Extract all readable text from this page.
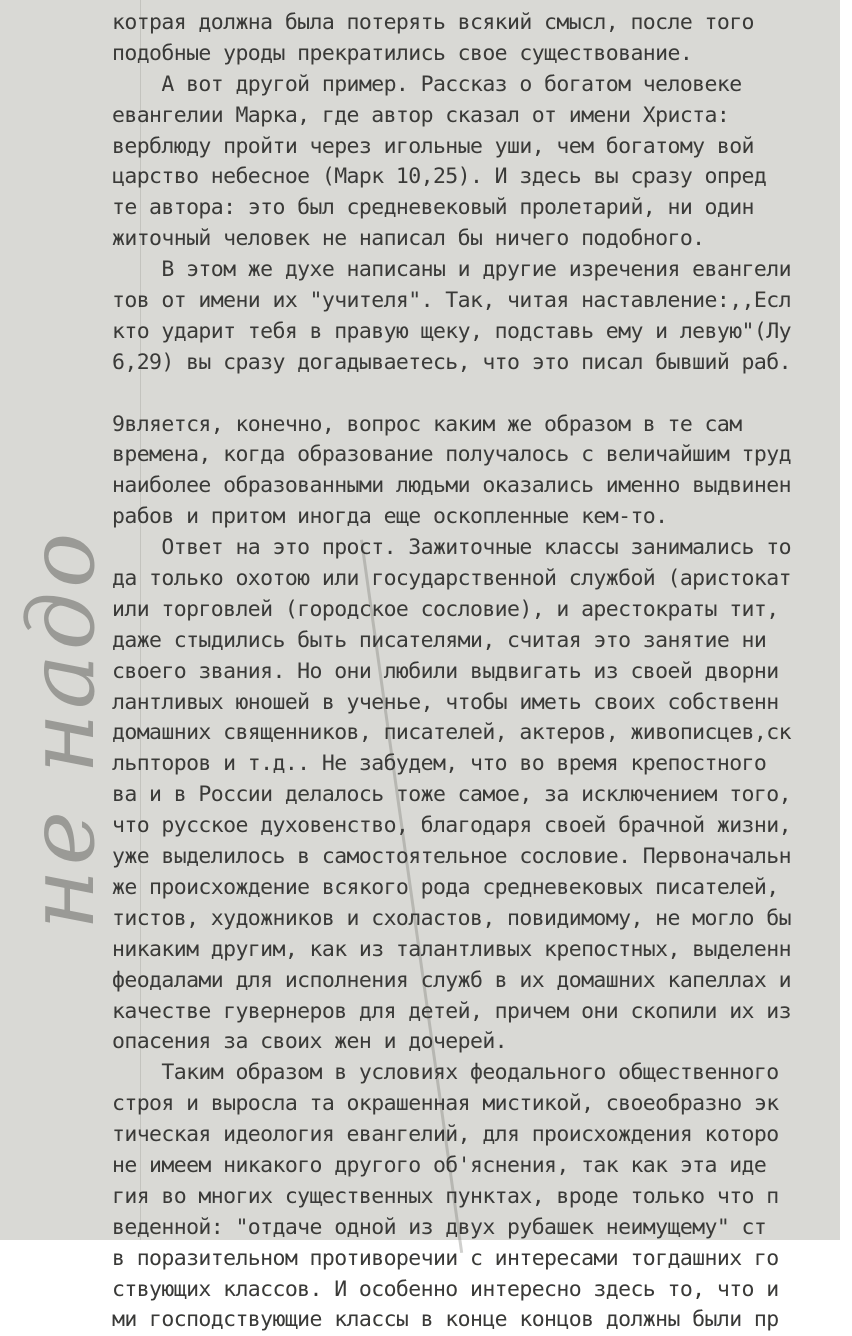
не надо
котрая должна была потерять всякий смысл, после того
подобные уроды прекратились свое существование.
А вот другой пример. Рассказ о богатом человеке
евангелии Марка, где автор сказал от имени Христа:
верблюду пройти через игольные уши, чем богатому вой
царство небесное (Марк 10,25). И здесь вы сразу опред
те автора: это был средневековый пролетарий, ни один
житочный человек не написал бы ничего подобного.
В этом же духе написаны и другие изречения евангели
тов от имени их "учителя". Так, читая наставление:,,Есл
кто ударит тебя в правую щеку, подставь ему и левую"(Лу
6,29) вы сразу догадываетесь, что это писал бывший раб.
9вляется, конечно, вопрос каким же образом в те сам
времена, когда образование получалось с величайшим труд
наиболее образованными людьми оказались именно выдвинен
рабов и притом иногда еще оскопленные кем-то.
Ответ на это прост. Зажиточные классы занимались то
да только охотою или государственной службой (аристокат
или торговлей (городское сословие), и арестократы тит,
даже стыдились быть писателями, считая это занятие ни
своего звания. Но они любили выдвигать из своей дворни
лантливых юношей в ученье, чтобы иметь своих собственн
домашних священников, писателей, актеров, живописцев,ск
льпторов и т.д.. Не забудем, что во время крепостного
ва и в России делалось тоже самое, за исключением того,
что русское духовенство, благодаря своей брачной жизни,
уже выделилось в самостоятельное сословие. Первоначальн
же происхождение всякого рода средневековых писателей,
тистов, художников и схоластов, повидимому, не могло бы
никаким другим, как из талантливых крепостных, выделенн
феодалами для исполнения служб в их домашних капеллах и
качестве гувернеров для детей, причем они скопили их из
опасения за своих жен и дочерей.
Таким образом в условиях феодального общественного
строя и выросла та окрашенная мистикой, своеобразно эк
тическая идеология евангелий, для происхождения которо
не имеем никакого другого об'яснения, так как эта иде
гия во многих существенных пунктах, вроде только что п
веденной: "отдаче одной из двух рубашек неимущему" ст
в поразительном противоречии с интересами тогдашних го
ствующих классов. И особенно интересно здесь то, что и
ми господствующие классы в конце концов должны были пр
